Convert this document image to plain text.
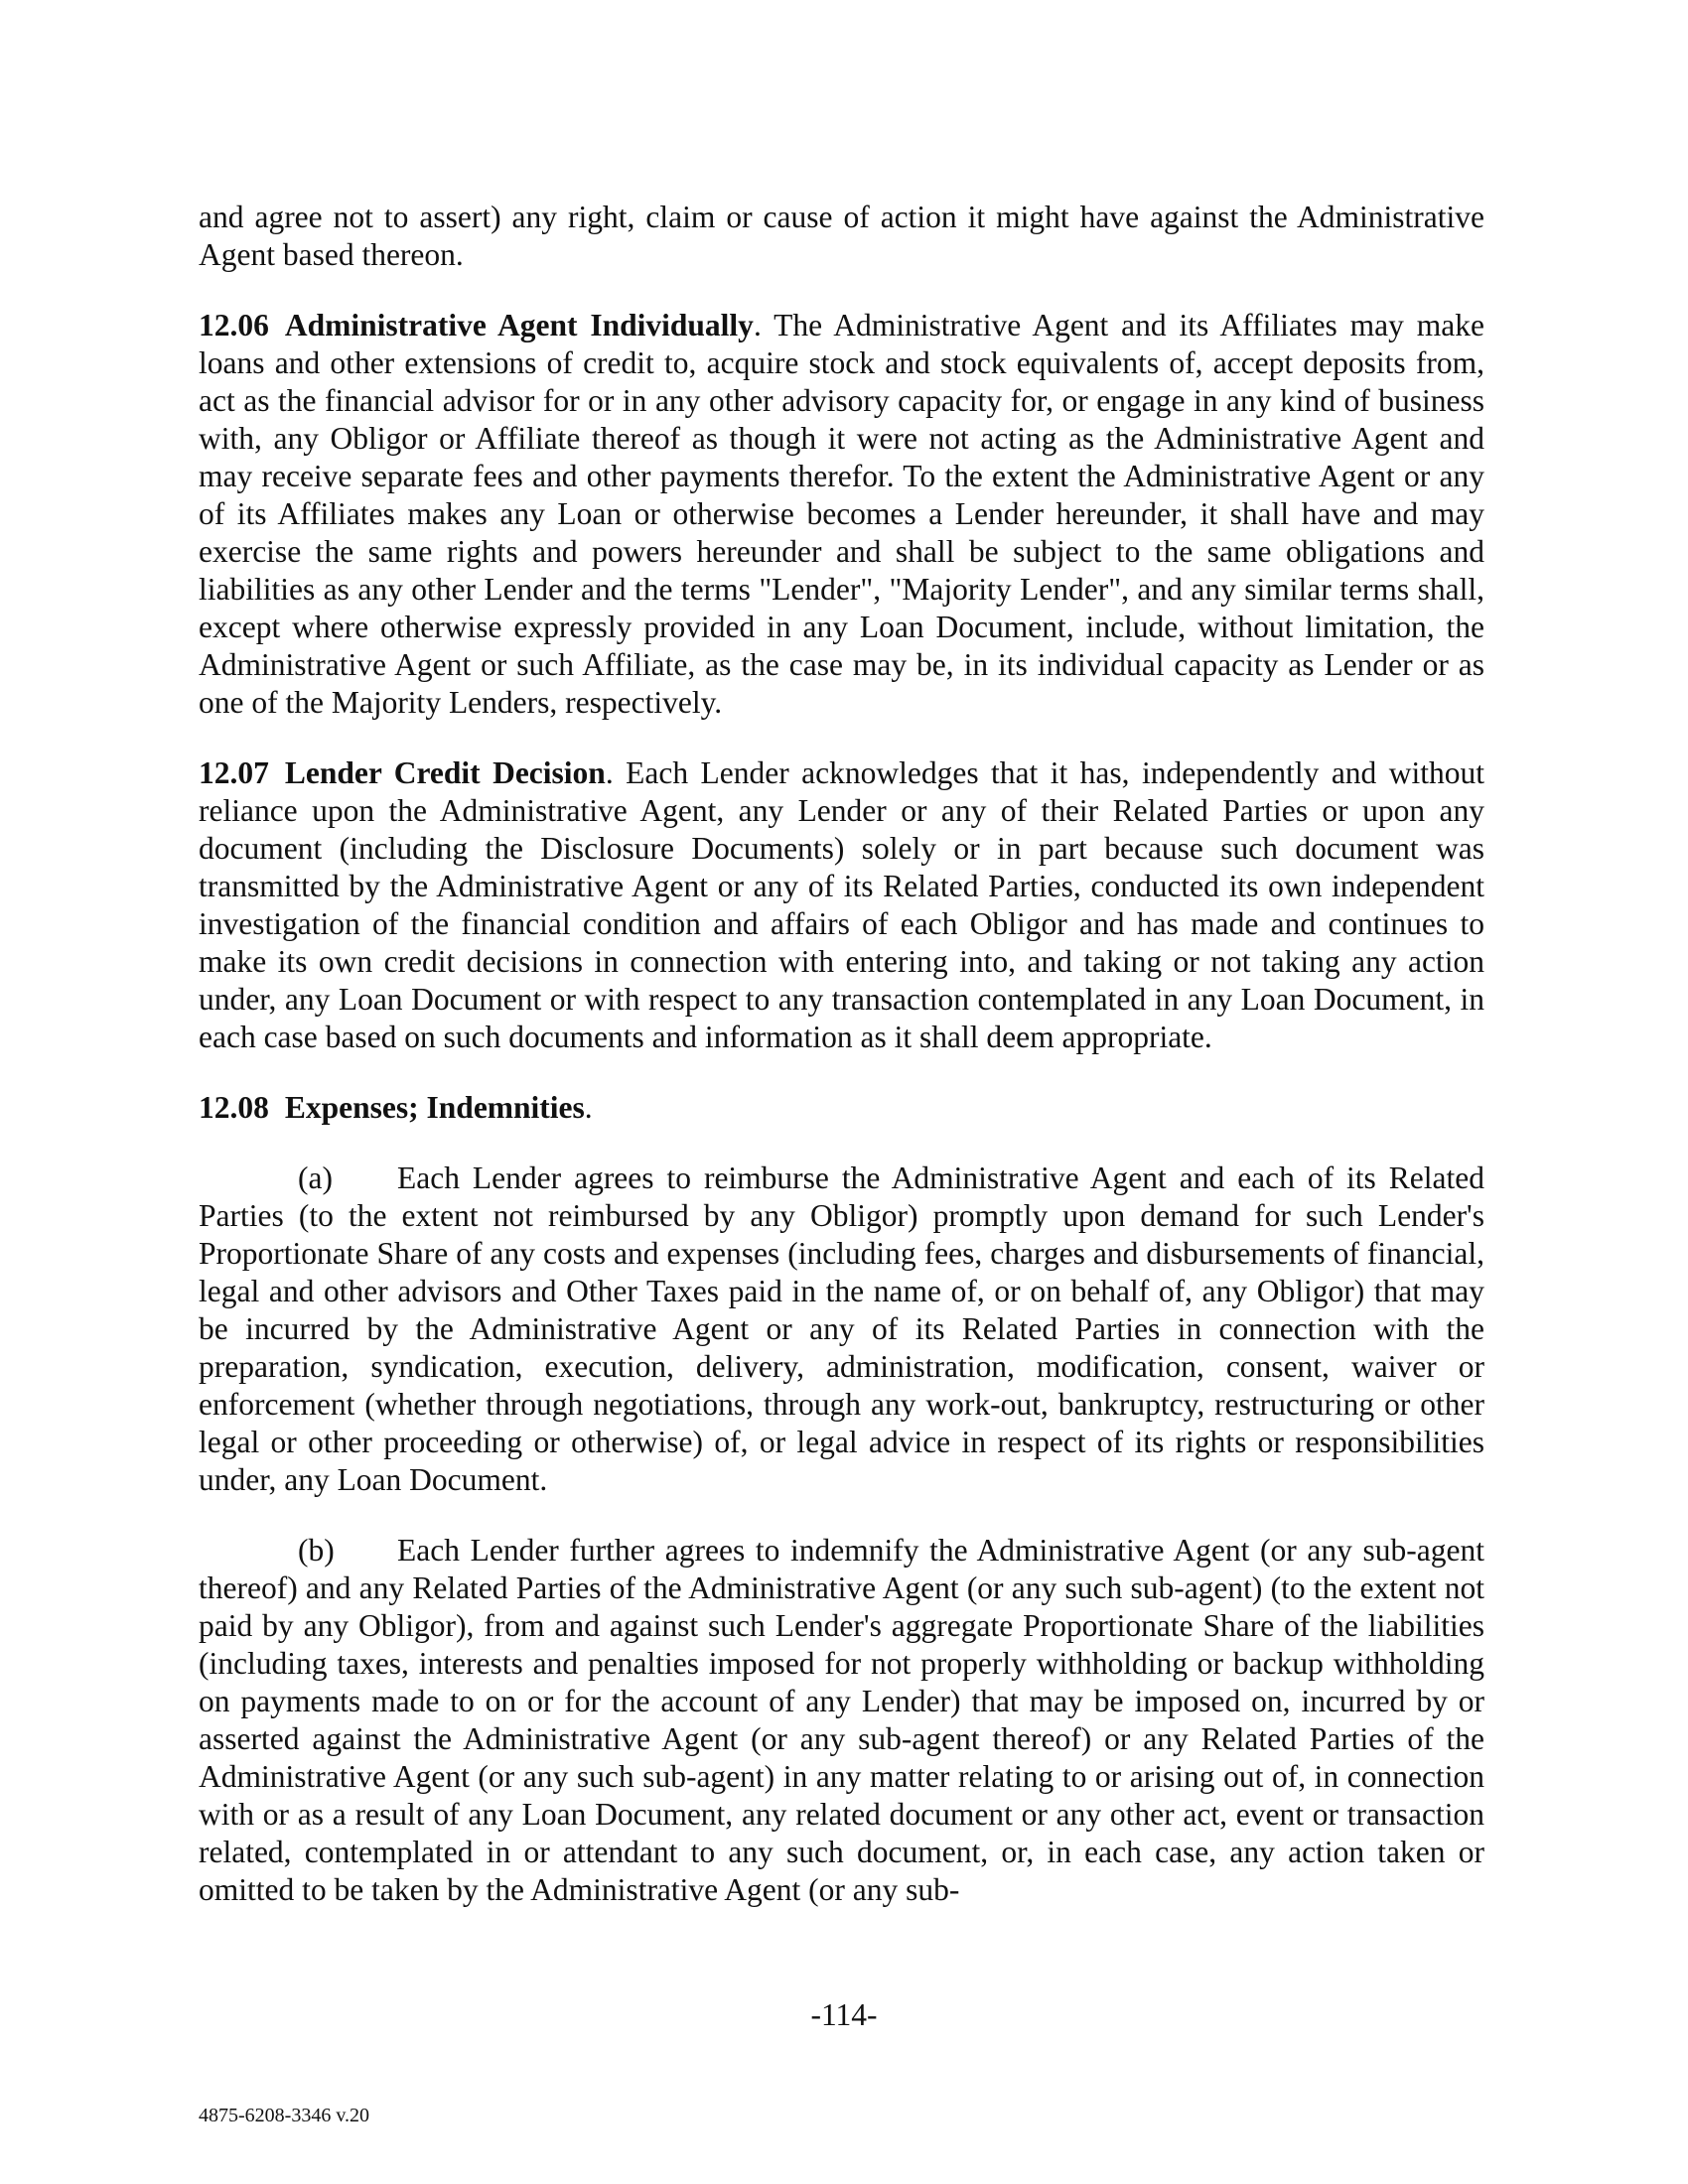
and agree not to assert) any right, claim or cause of action it might have against the Administrative Agent based thereon.

12.06 Administrative Agent Individually. The Administrative Agent and its Affiliates may make loans and other extensions of credit to, acquire stock and stock equivalents of, accept deposits from, act as the financial advisor for or in any other advisory capacity for, or engage in any kind of business with, any Obligor or Affiliate thereof as though it were not acting as the Administrative Agent and may receive separate fees and other payments therefor. To the extent the Administrative Agent or any of its Affiliates makes any Loan or otherwise becomes a Lender hereunder, it shall have and may exercise the same rights and powers hereunder and shall be subject to the same obligations and liabilities as any other Lender and the terms "Lender", "Majority Lender", and any similar terms shall, except where otherwise expressly provided in any Loan Document, include, without limitation, the Administrative Agent or such Affiliate, as the case may be, in its individual capacity as Lender or as one of the Majority Lenders, respectively.

12.07 Lender Credit Decision. Each Lender acknowledges that it has, independently and without reliance upon the Administrative Agent, any Lender or any of their Related Parties or upon any document (including the Disclosure Documents) solely or in part because such document was transmitted by the Administrative Agent or any of its Related Parties, conducted its own independent investigation of the financial condition and affairs of each Obligor and has made and continues to make its own credit decisions in connection with entering into, and taking or not taking any action under, any Loan Document or with respect to any transaction contemplated in any Loan Document, in each case based on such documents and information as it shall deem appropriate.

12.08 Expenses; Indemnities.

(a) Each Lender agrees to reimburse the Administrative Agent and each of its Related Parties (to the extent not reimbursed by any Obligor) promptly upon demand for such Lender's Proportionate Share of any costs and expenses (including fees, charges and disbursements of financial, legal and other advisors and Other Taxes paid in the name of, or on behalf of, any Obligor) that may be incurred by the Administrative Agent or any of its Related Parties in connection with the preparation, syndication, execution, delivery, administration, modification, consent, waiver or enforcement (whether through negotiations, through any work-out, bankruptcy, restructuring or other legal or other proceeding or otherwise) of, or legal advice in respect of its rights or responsibilities under, any Loan Document.

(b) Each Lender further agrees to indemnify the Administrative Agent (or any sub-agent thereof) and any Related Parties of the Administrative Agent (or any such sub-agent) (to the extent not paid by any Obligor), from and against such Lender's aggregate Proportionate Share of the liabilities (including taxes, interests and penalties imposed for not properly withholding or backup withholding on payments made to on or for the account of any Lender) that may be imposed on, incurred by or asserted against the Administrative Agent (or any sub-agent thereof) or any Related Parties of the Administrative Agent (or any such sub-agent) in any matter relating to or arising out of, in connection with or as a result of any Loan Document, any related document or any other act, event or transaction related, contemplated in or attendant to any such document, or, in each case, any action taken or omitted to be taken by the Administrative Agent (or any sub-

-114-
4875-6208-3346 v.20
